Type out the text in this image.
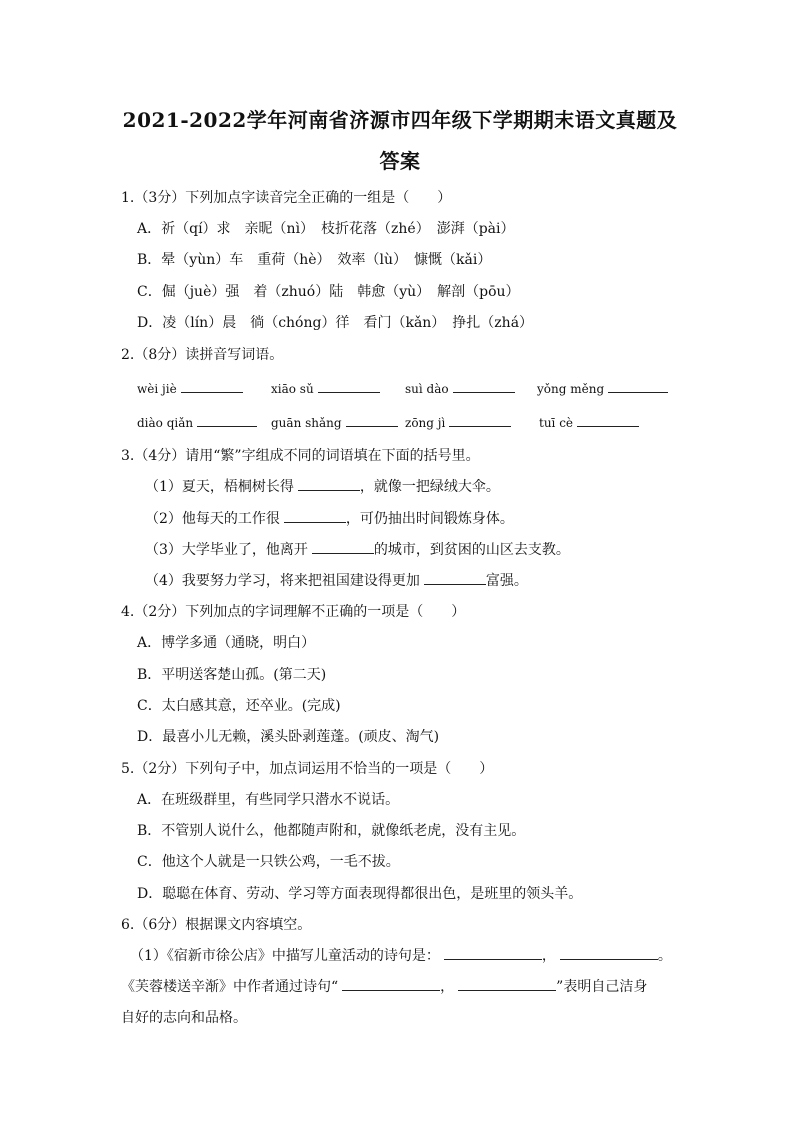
2021-2022学年河南省济源市四年级下学期期末语文真题及
答案
1.（3分）下列加点字读音完全正确的一组是（　　）
A．祈（qí）求　亲昵（nì）　枝折花落（zhé）　澎湃（pài）
B．晕（yùn）车　重荷（hè）　效率（lù）　慷慨（kǎi）
C．倔（juè）强　着（zhuó）陆　韩愈（yù）　解剖（pōu）
D．凌（lín）晨　徜（chóng）徉　看门（kǎn）　挣扎（zhá）
2.（8分）读拼音写词语。
wèi jiè	xiāo sǔ	suì dào	yǒng měng
diào qiǎn	guān shǎng	zōng jì	tuī cè
3.（4分）请用“繁”字组成不同的词语填在下面的括号里。
（1）夏天，梧桐树长得	，就像一把绿绒大伞。
（2）他每天的工作很	，可仍抽出时间锻炼身体。
（3）大学毕业了，他离开	的城市，到贫困的山区去支教。
（4）我要努力学习，将来把祖国建设得更加	富强。
4.（2分）下列加点的字词理解不正确的一项是（　　）
A．博学多通（通晓，明白）
B．平明送客楚山孤。(第二天)
C．太白感其意，还卒业。(完成)
D．最喜小儿无赖，溪头卧剥莲蓬。(顽皮、淘气)
5.（2分）下列句子中，加点词运用不恰当的一项是（　　）
A．在班级群里，有些同学只潜水不说话。
B．不管别人说什么，他都随声附和，就像纸老虎，没有主见。
C．他这个人就是一只铁公鸡，一毛不拔。
D．聪聪在体育、劳动、学习等方面表现得都很出色，是班里的领头羊。
6.（6分）根据课文内容填空。
（1）《宿新市徐公店》中描写儿童活动的诗句是：	，	。
《芙蓉楼送辛渐》中作者通过诗句“	，	”表明自己洁身
自好的志向和品格。
